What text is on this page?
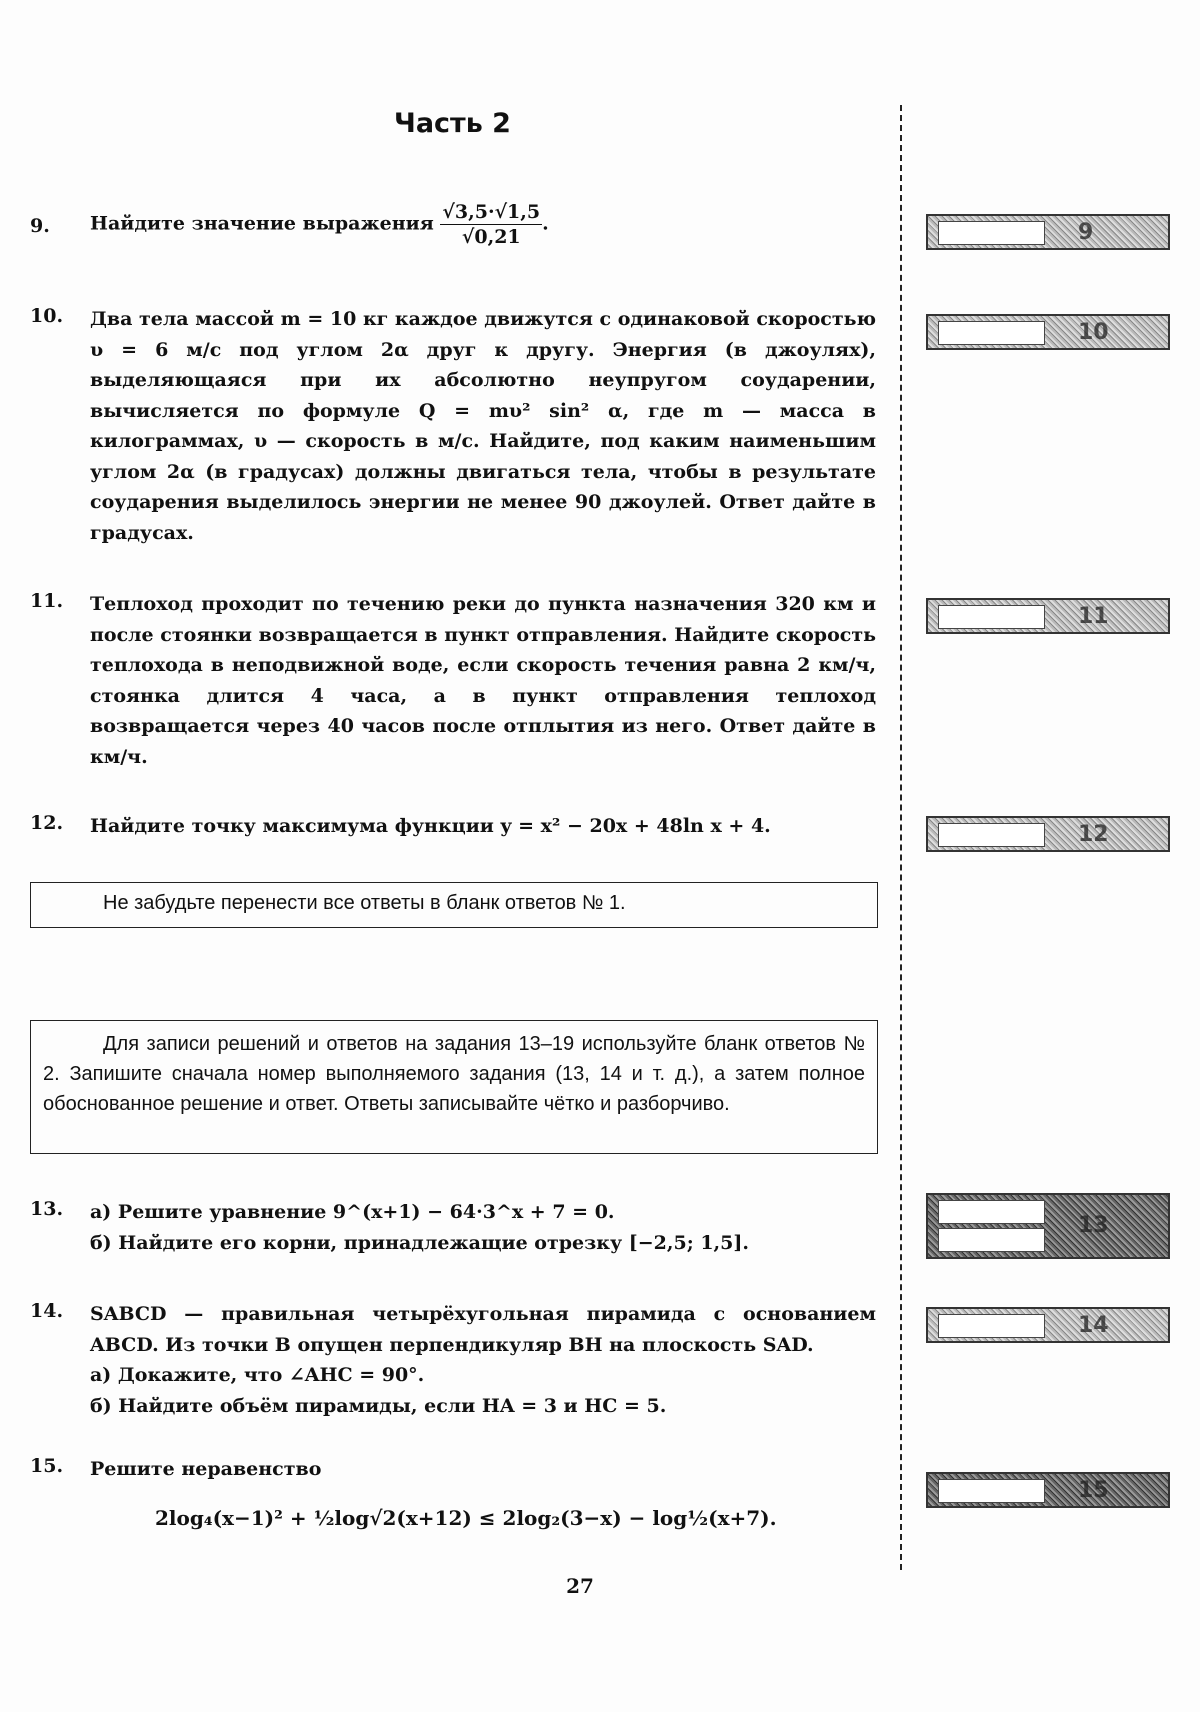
Часть 2
9. Найдите значение выражения $\frac{√3,5\cdot√1,5}{√0,21}$ .
10. Два тела массой m = 10 кг каждое движутся с одинаковой скоростью υ = 6 м/с под углом 2α друг к другу. Энергия (в джоулях), выделяющаяся при их абсолютно неупругом соударении, вычисляется по формуле Q = mυ² sin² α, где m — масса в килограммах, υ — скорость в м/с. Найдите, под каким наименьшим углом 2α (в градусах) должны двигаться тела, чтобы в результате соударения выделилось энергии не менее 90 джоулей. Ответ дайте в градусах.
11. Теплоход проходит по течению реки до пункта назначения 320 км и после стоянки возвращается в пункт отправления. Найдите скорость теплохода в неподвижной воде, если скорость течения равна 2 км/ч, стоянка длится 4 часа, а в пункт отправления теплоход возвращается через 40 часов после отплытия из него. Ответ дайте в км/ч.
12. Найдите точку максимума функции y = x² − 20x + 48ln x + 4.
Не забудьте перенести все ответы в бланк ответов № 1.
Для записи решений и ответов на задания 13–19 используйте бланк ответов № 2. Запишите сначала номер выполняемого задания (13, 14 и т. д.), а затем полное обоснованное решение и ответ. Ответы записывайте чётко и разборчиво.
13. а) Решите уравнение 9^(x+1) − 64·3^x + 7 = 0.
б) Найдите его корни, принадлежащие отрезку [−2,5; 1,5].
14. SABCD — правильная четырёхугольная пирамида с основанием ABCD. Из точки B опущен перпендикуляр BH на плоскость SAD.
а) Докажите, что ∠AHC = 90°.
б) Найдите объём пирамиды, если HA = 3 и HC = 5.
15. Решите неравенство
2log₄(x−1)² + ½log√2(x+12) ≤ 2log₂(3−x) − log½(x+7).
9
10
11
12
13
14
15
27
